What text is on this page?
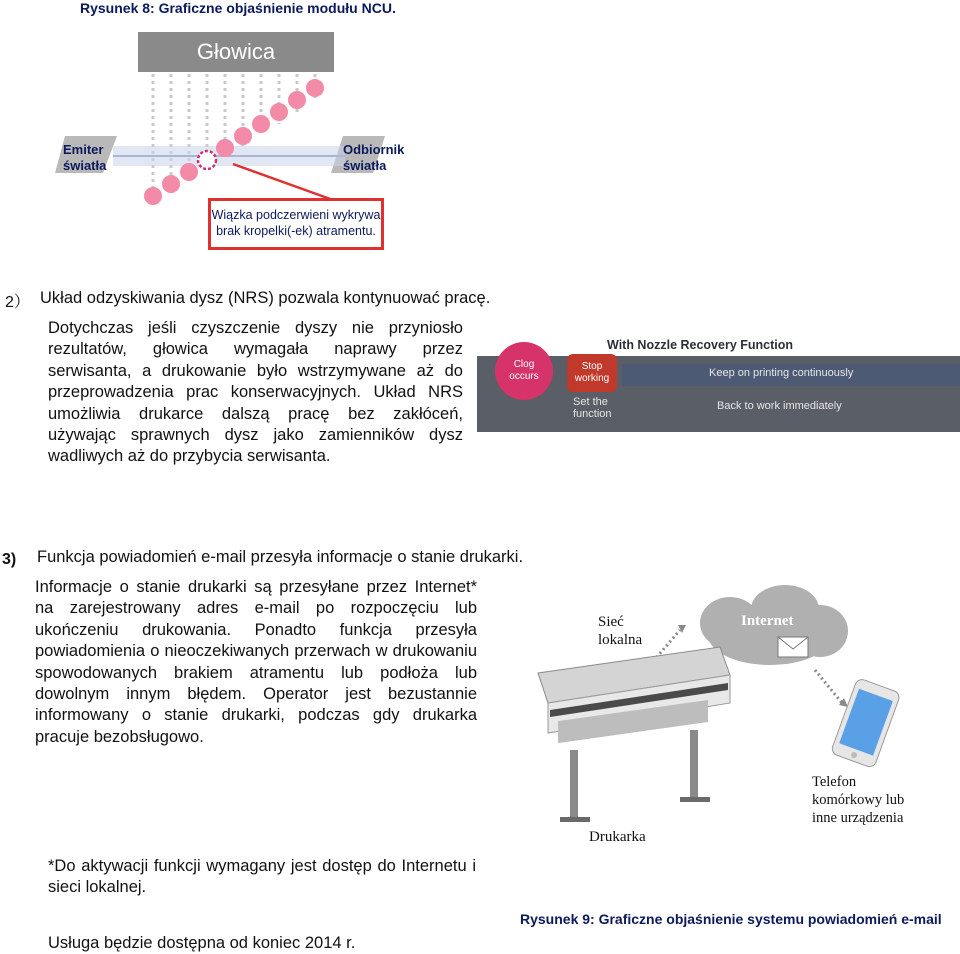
Rysunek 8: Graficzne objaśnienie modułu NCU.
Głowica
Emiter
światła
Odbiornik
światła
Wiązka podczerwieni wykrywa brak kropelki(-ek) atramentu.
2） Układ odzyskiwania dysz (NRS) pozwala kontynuować pracę.
Dotychczas jeśli czyszczenie dyszy nie przyniosło rezultatów, głowica wymagała naprawy przez serwisanta, a drukowanie było wstrzymywane aż do przeprowadzenia prac konserwacyjnych. Układ NRS umożliwia drukarce dalszą pracę bez zakłóceń, używając sprawnych dysz jako zamienników dysz wadliwych aż do przybycia serwisanta.
With Nozzle Recovery Function
Clog
occurs
Stop
working
Set the
function
Keep on printing continuously
Back to work immediately
3) Funkcja powiadomień e-mail przesyła informacje o stanie drukarki.
Informacje o stanie drukarki są przesyłane przez Internet* na zarejestrowany adres e-mail po rozpoczęciu lub ukończeniu drukowania. Ponadto funkcja przesyła powiadomienia o nieoczekiwanych przerwach w drukowaniu spowodowanych brakiem atramentu lub podłoża lub dowolnym innym błędem. Operator jest bezustannie informowany o stanie drukarki, podczas gdy drukarka pracuje bezobsługowo.
*Do aktywacji funkcji wymagany jest dostęp do Internetu i sieci lokalnej.
Usługa będzie dostępna od koniec 2014 r.
Sieć
lokalna
Internet
Drukarka
Telefon
komórkowy lub
inne urządzenia
Rysunek 9: Graficzne objaśnienie systemu powiadomień e-mail
